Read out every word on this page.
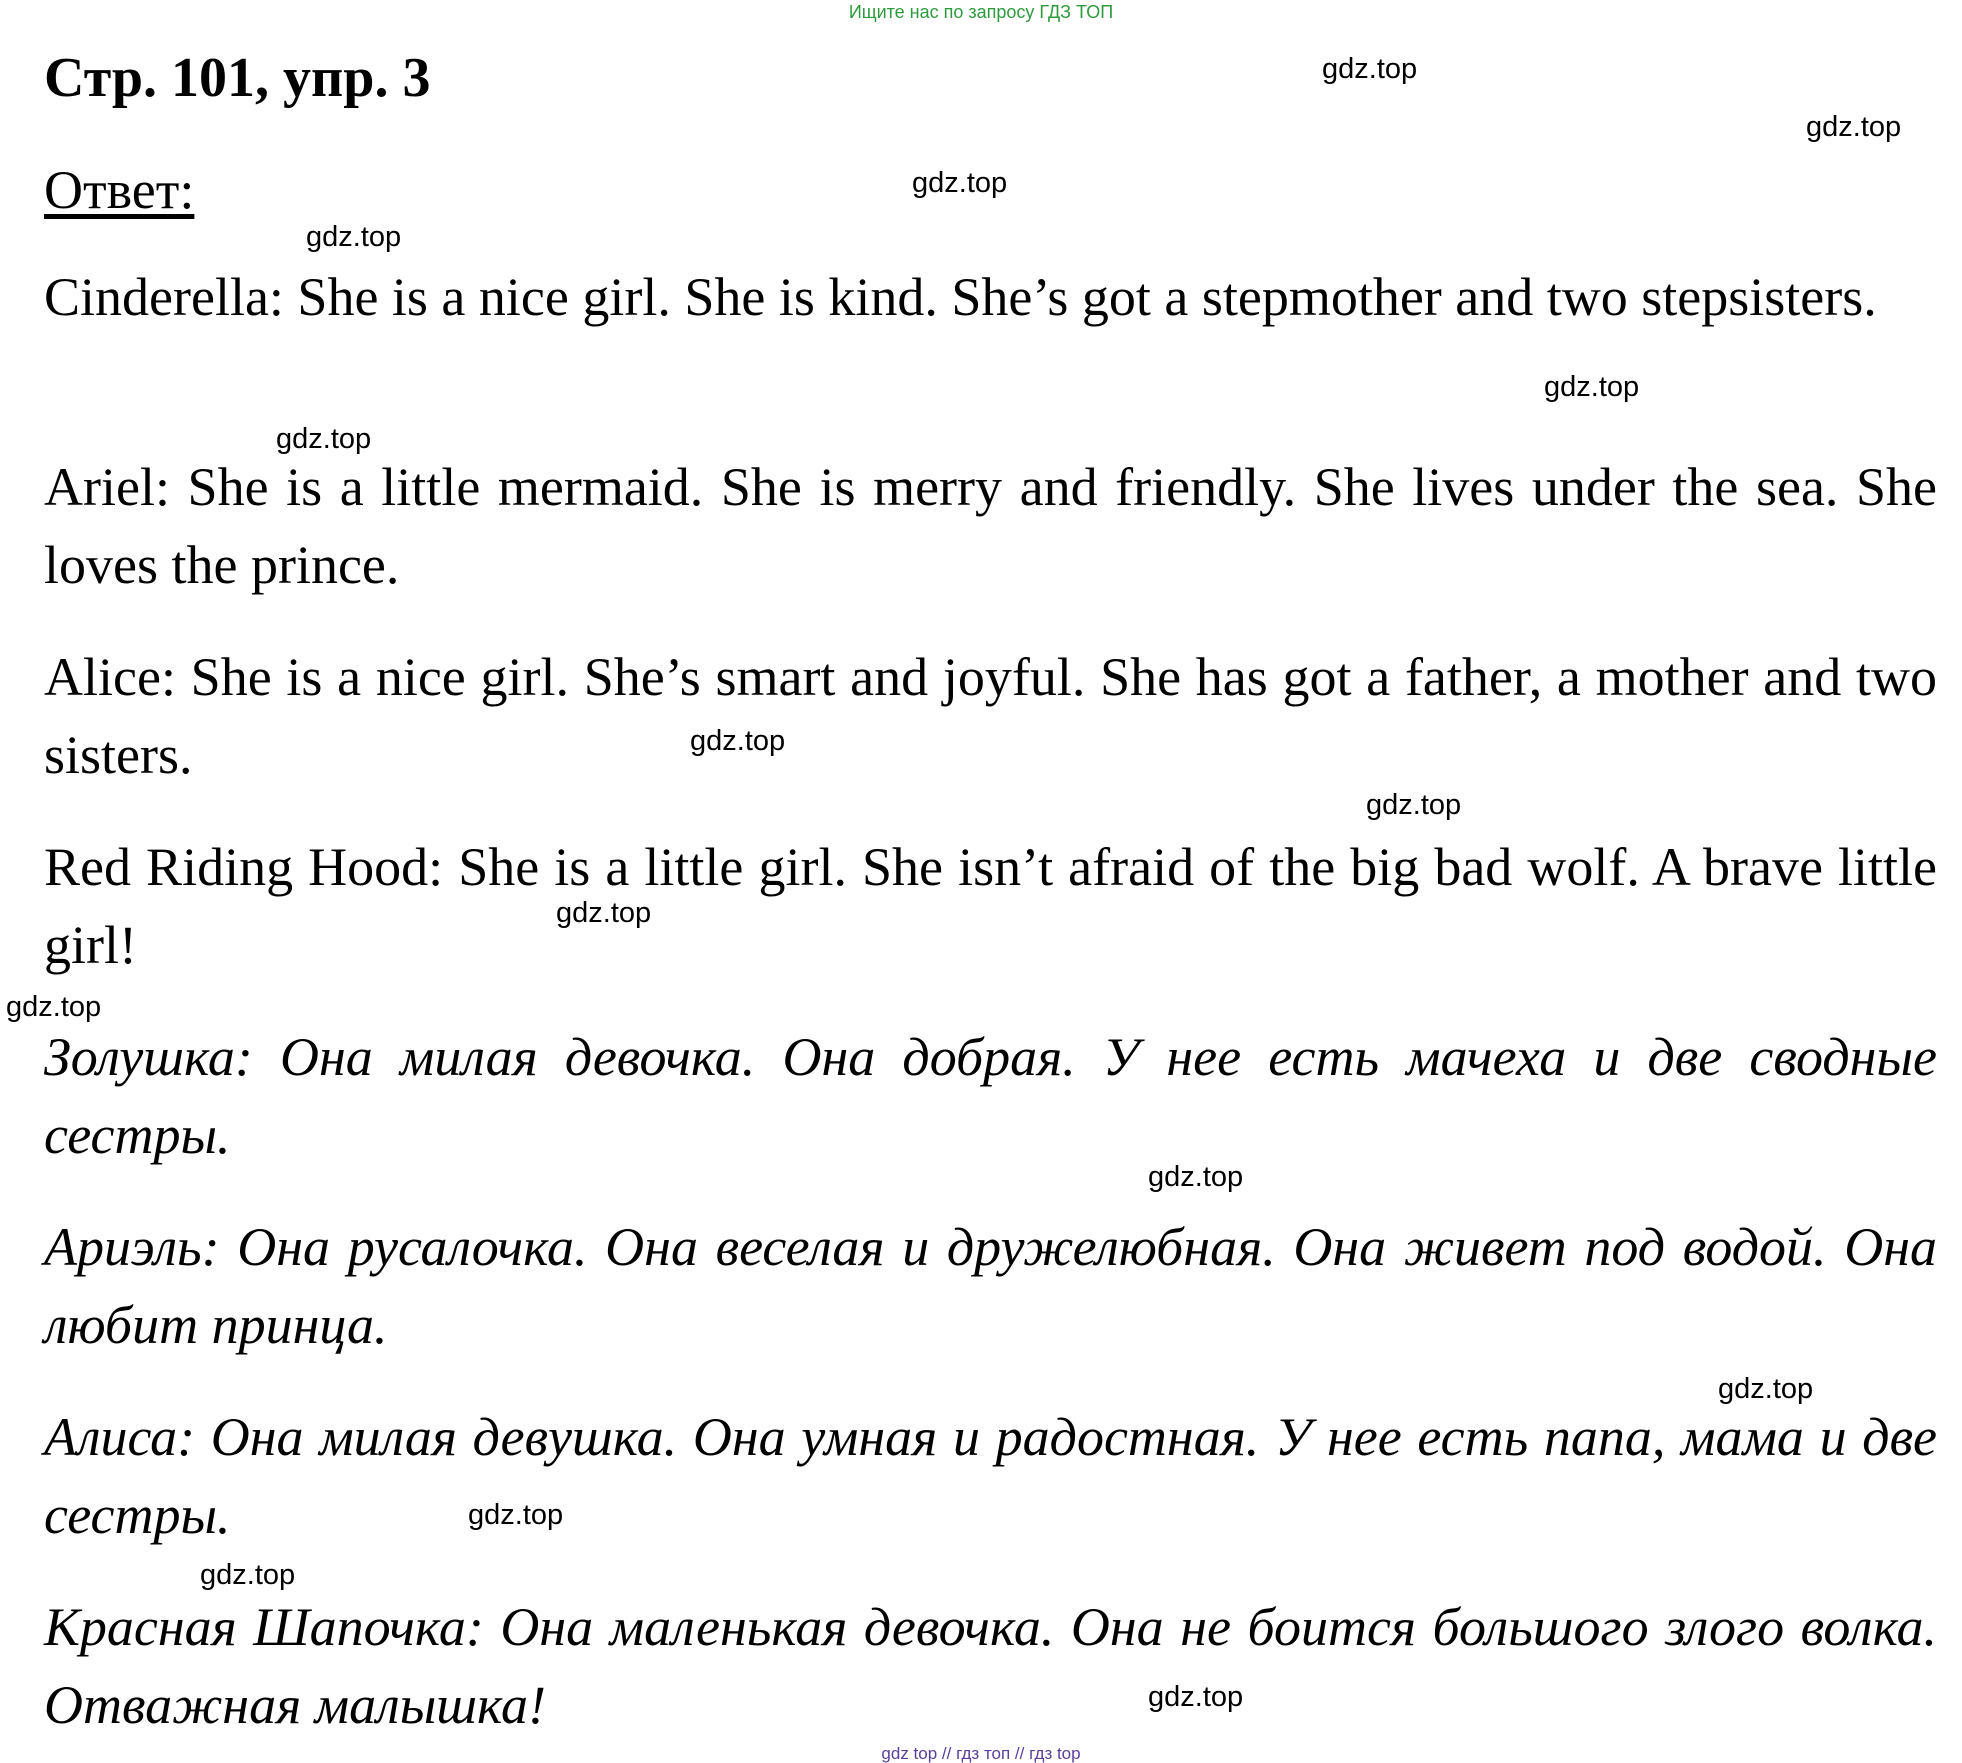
Ищите нас по запросу ГДЗ ТОП
Стр. 101, упр. 3
Ответ:

Cinderella: She is a nice girl. She is kind. She’s got a stepmother and two stepsisters.

Ariel: She is a little mermaid. She is merry and friendly. She lives under the sea. She loves the prince.

Alice: She is a nice girl. She’s smart and joyful. She has got a father, a mother and two sisters.

Red Riding Hood: She is a little girl. She isn’t afraid of the big bad wolf. A brave little girl!

Золушка: Она милая девочка. Она добрая. У нее есть мачеха и две сводные сестры.

Ариэль: Она русалочка. Она веселая и дружелюбная. Она живет под водой. Она любит принца.

Алиса: Она милая девушка. Она умная и радостная. У нее есть папа, мама и две сестры.

Красная Шапочка: Она маленькая девочка. Она не боится большого злого волка. Отважная малышка!

gdz.top
gdz.top
gdz.top
gdz.top
gdz.top
gdz.top
gdz.top
gdz.top
gdz.top
gdz.top
gdz.top
gdz.top
gdz.top
gdz.top
gdz.top
gdz top // гдз топ // гдз top
